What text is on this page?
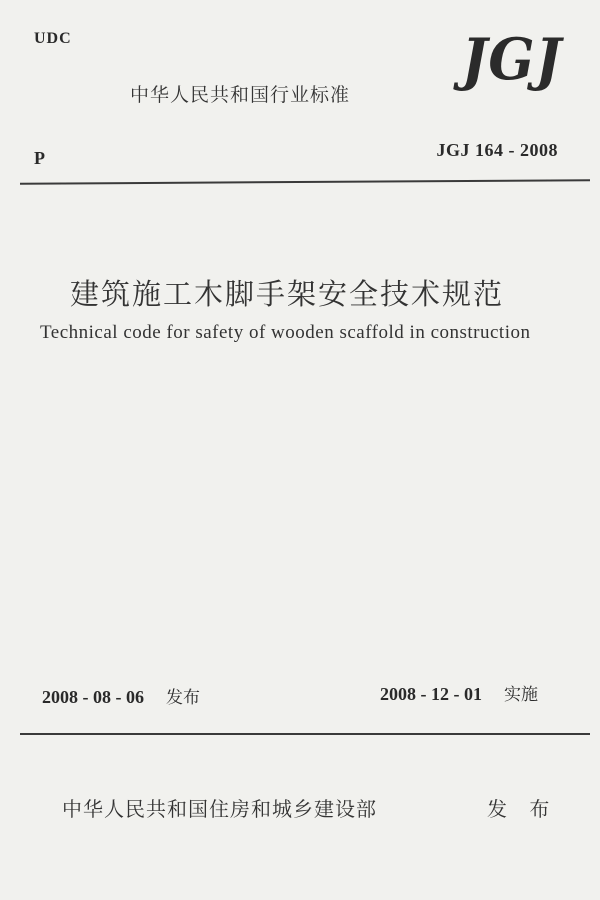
UDC
中华人民共和国行业标准
JGJ
P	JGJ 164 - 2008
建筑施工木脚手架安全技术规范
Technical code for safety of wooden scaffold in construction
2008 - 08 - 06 发布	2008 - 12 - 01 实施
中华人民共和国住房和城乡建设部	发 布
